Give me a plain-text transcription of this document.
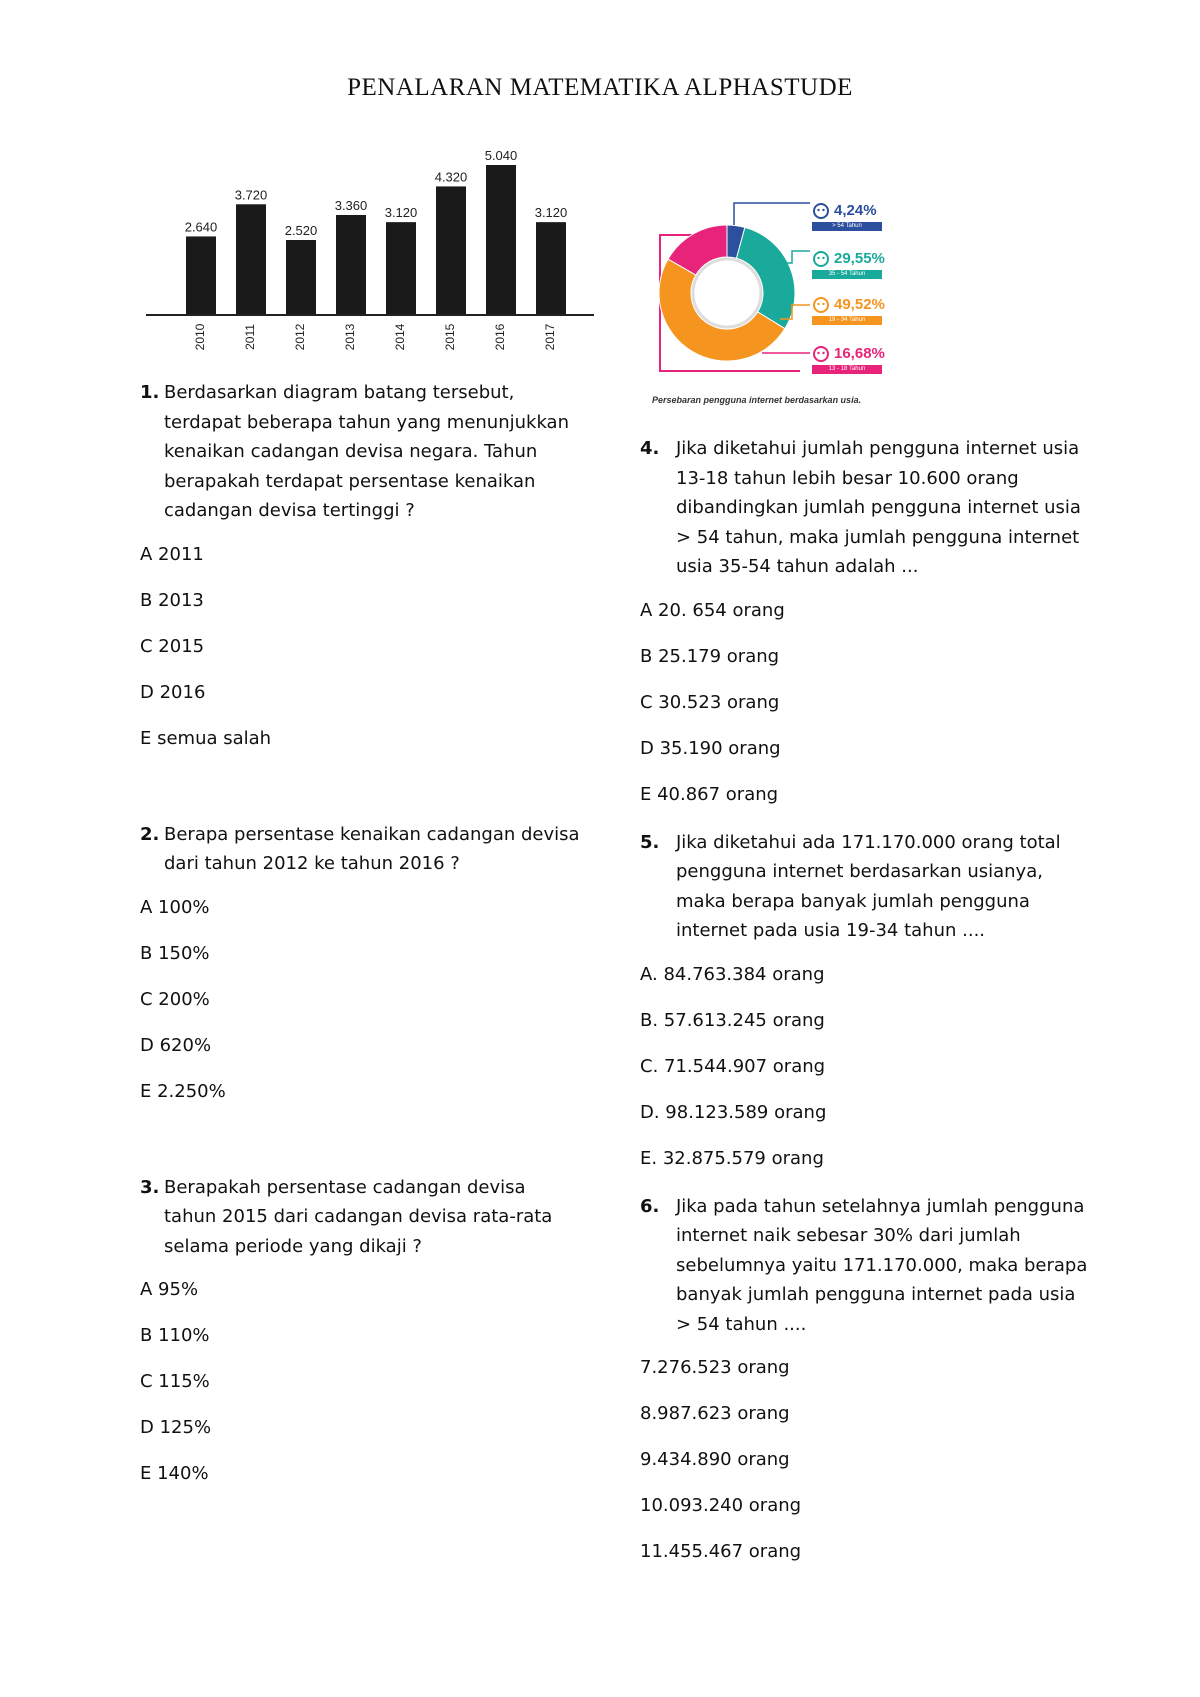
PENALARAN MATEMATIKA ALPHASTUDE
2.640
2010
3.720
2011
2.520
2012
3.360
2013
3.120
2014
4.320
2015
5.040
2016
3.120
2017
4,24%
> 54 Tahun
29,55%
35 - 54 Tahun
49,52%
19 - 34 Tahun
16,68%
13 - 18 Tahun
Persebaran pengguna internet berdasarkan usia.
1. Berdasarkan diagram batang tersebut, terdapat beberapa tahun yang menunjukkan kenaikan cadangan devisa negara. Tahun berapakah terdapat persentase kenaikan cadangan devisa tertinggi ?
A 2011
B 2013
C 2015
D 2016
E semua salah
2. Berapa persentase kenaikan cadangan devisa dari tahun 2012 ke tahun 2016 ?
A 100%
B 150%
C 200%
D 620%
E 2.250%
3. Berapakah persentase cadangan devisa tahun 2015 dari cadangan devisa rata-rata selama periode yang dikaji ?
A 95%
B 110%
C 115%
D 125%
E 140%
4. Jika diketahui jumlah pengguna internet usia 13-18 tahun lebih besar 10.600 orang dibandingkan jumlah pengguna internet usia > 54 tahun, maka jumlah pengguna internet usia 35-54 tahun adalah ...
A 20. 654 orang
B 25.179 orang
C 30.523 orang
D 35.190 orang
E 40.867 orang
5. Jika diketahui ada 171.170.000 orang total pengguna internet berdasarkan usianya, maka berapa banyak jumlah pengguna internet pada usia 19-34 tahun ....
A. 84.763.384 orang
B. 57.613.245 orang
C. 71.544.907 orang
D. 98.123.589 orang
E. 32.875.579 orang
6. Jika pada tahun setelahnya jumlah pengguna internet naik sebesar 30% dari jumlah sebelumnya yaitu 171.170.000, maka berapa banyak jumlah pengguna internet pada usia > 54 tahun ....
7.276.523 orang
8.987.623 orang
9.434.890 orang
10.093.240 orang
11.455.467 orang
